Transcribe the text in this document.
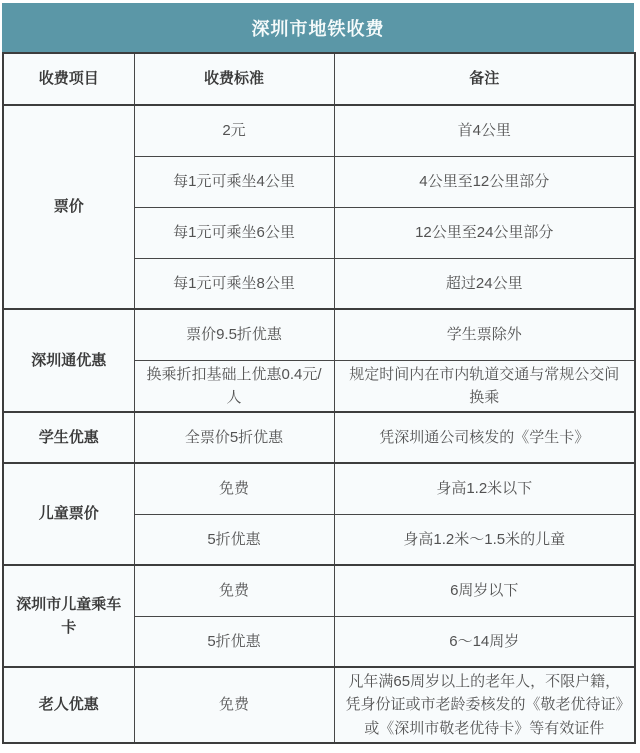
深圳市地铁收费
收费项目	收费标准	备注
票价	2元	首4公里
	每1元可乘坐4公里	4公里至12公里部分
	每1元可乘坐6公里	12公里至24公里部分
	每1元可乘坐8公里	超过24公里
深圳通优惠	票价9.5折优惠	学生票除外
	换乘折扣基础上优惠0.4元/人	规定时间内在市内轨道交通与常规公交间换乘
学生优惠	全票价5折优惠	凭深圳通公司核发的《学生卡》
儿童票价	免费	身高1.2米以下
	5折优惠	身高1.2米～1.5米的儿童
深圳市儿童乘车卡	免费	6周岁以下
	5折优惠	6～14周岁
老人优惠	免费	凡年满65周岁以上的老年人，不限户籍，凭身份证或市老龄委核发的《敬老优待证》或《深圳市敬老优待卡》等有效证件
